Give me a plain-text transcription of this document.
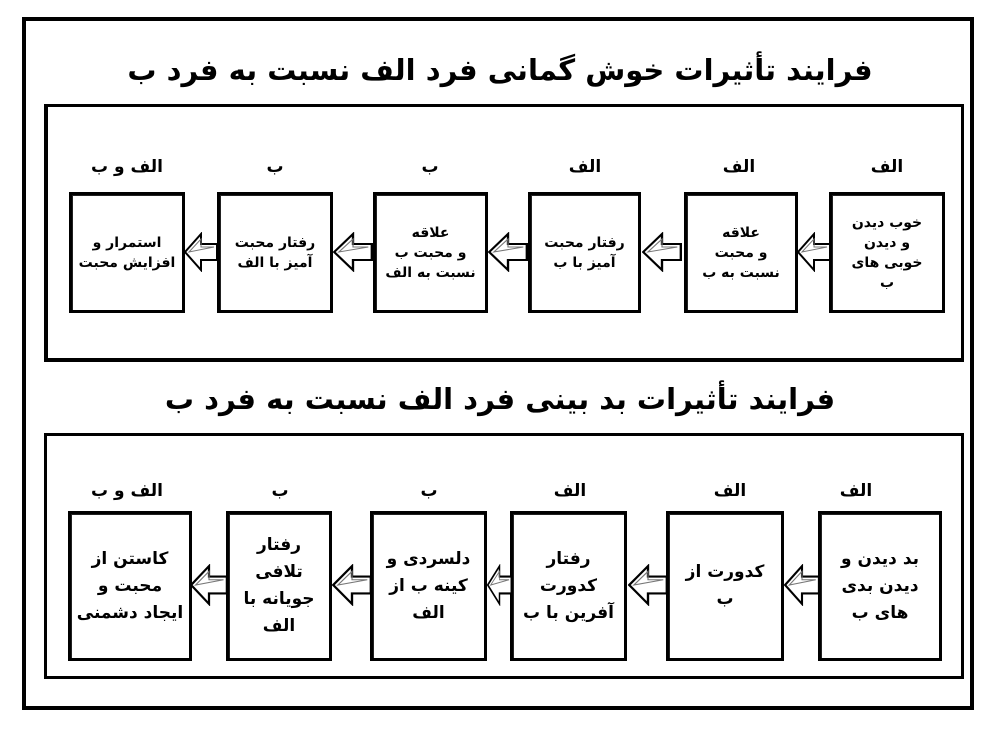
فرایند تأثیرات خوش گمانی فرد الف نسبت به فرد ب
الف
الف
الف
ب
ب
الف و ب
خوب دیدن
و دیدن
خوبی های
ب
علاقه
و محبت
نسبت به ب
رفتار محبت
آمیز با ب
علاقه
و محبت ب
نسبت به الف
رفتار محبت
آمیز با الف
استمرار و
افزایش محبت
فرایند تأثیرات بد بینی فرد الف نسبت به فرد ب
الف
الف
الف
ب
ب
الف و ب
بد دیدن و
دیدن بدی
های ب
کدورت از
ب
رفتار کدورت
آفرین با ب
دلسردی و
کینه ب از
الف
رفتار تلافی
جویانه با
الف
کاستن از
محبت و
ایجاد دشمنی
